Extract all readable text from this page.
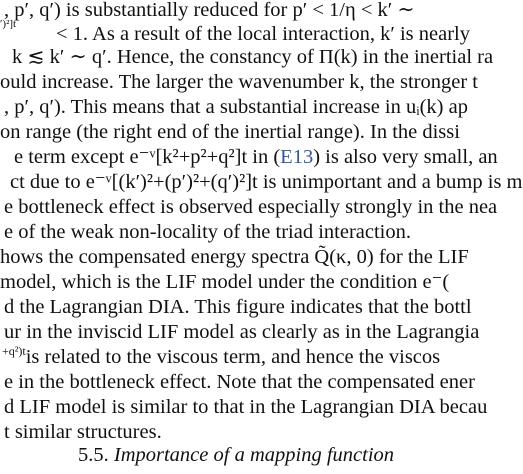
, p′, q′) is substantially reduced for p′ < 1/η < k′ ∼
′)²]t < 1. As a result of the local interaction, k′ is nearly
k ≲ k′ ∼ q′. Hence, the constancy of Π(k) in the inertial ra
ould increase. The larger the wavenumber k, the stronger t
, p′, q′). This means that a substantial increase in uᵢ(k) ap
on range (the right end of the inertial range). In the dissi
e term except e⁻ᵛ[k²+p²+q²]t in (E13) is also very small, an
ct due to e⁻ᵛ[(k′)²+(p′)²+(q′)²]t is unimportant and a bump is m
e bottleneck effect is observed especially strongly in the nea
e of the weak non-locality of the triad interaction.
hows the compensated energy spectra Q̃(κ, 0) for the LIF
model, which is the LIF model under the condition e⁻(
d the Lagrangian DIA. This figure indicates that the bottl
ur in the inviscid LIF model as clearly as in the Lagrangia
$^{+q^2)t}$is related to the viscous term, and hence the viscos
e in the bottleneck effect. Note that the compensated ener
d LIF model is similar to that in the Lagrangian DIA becau
t similar structures.
5.5. Importance of a mapping function
